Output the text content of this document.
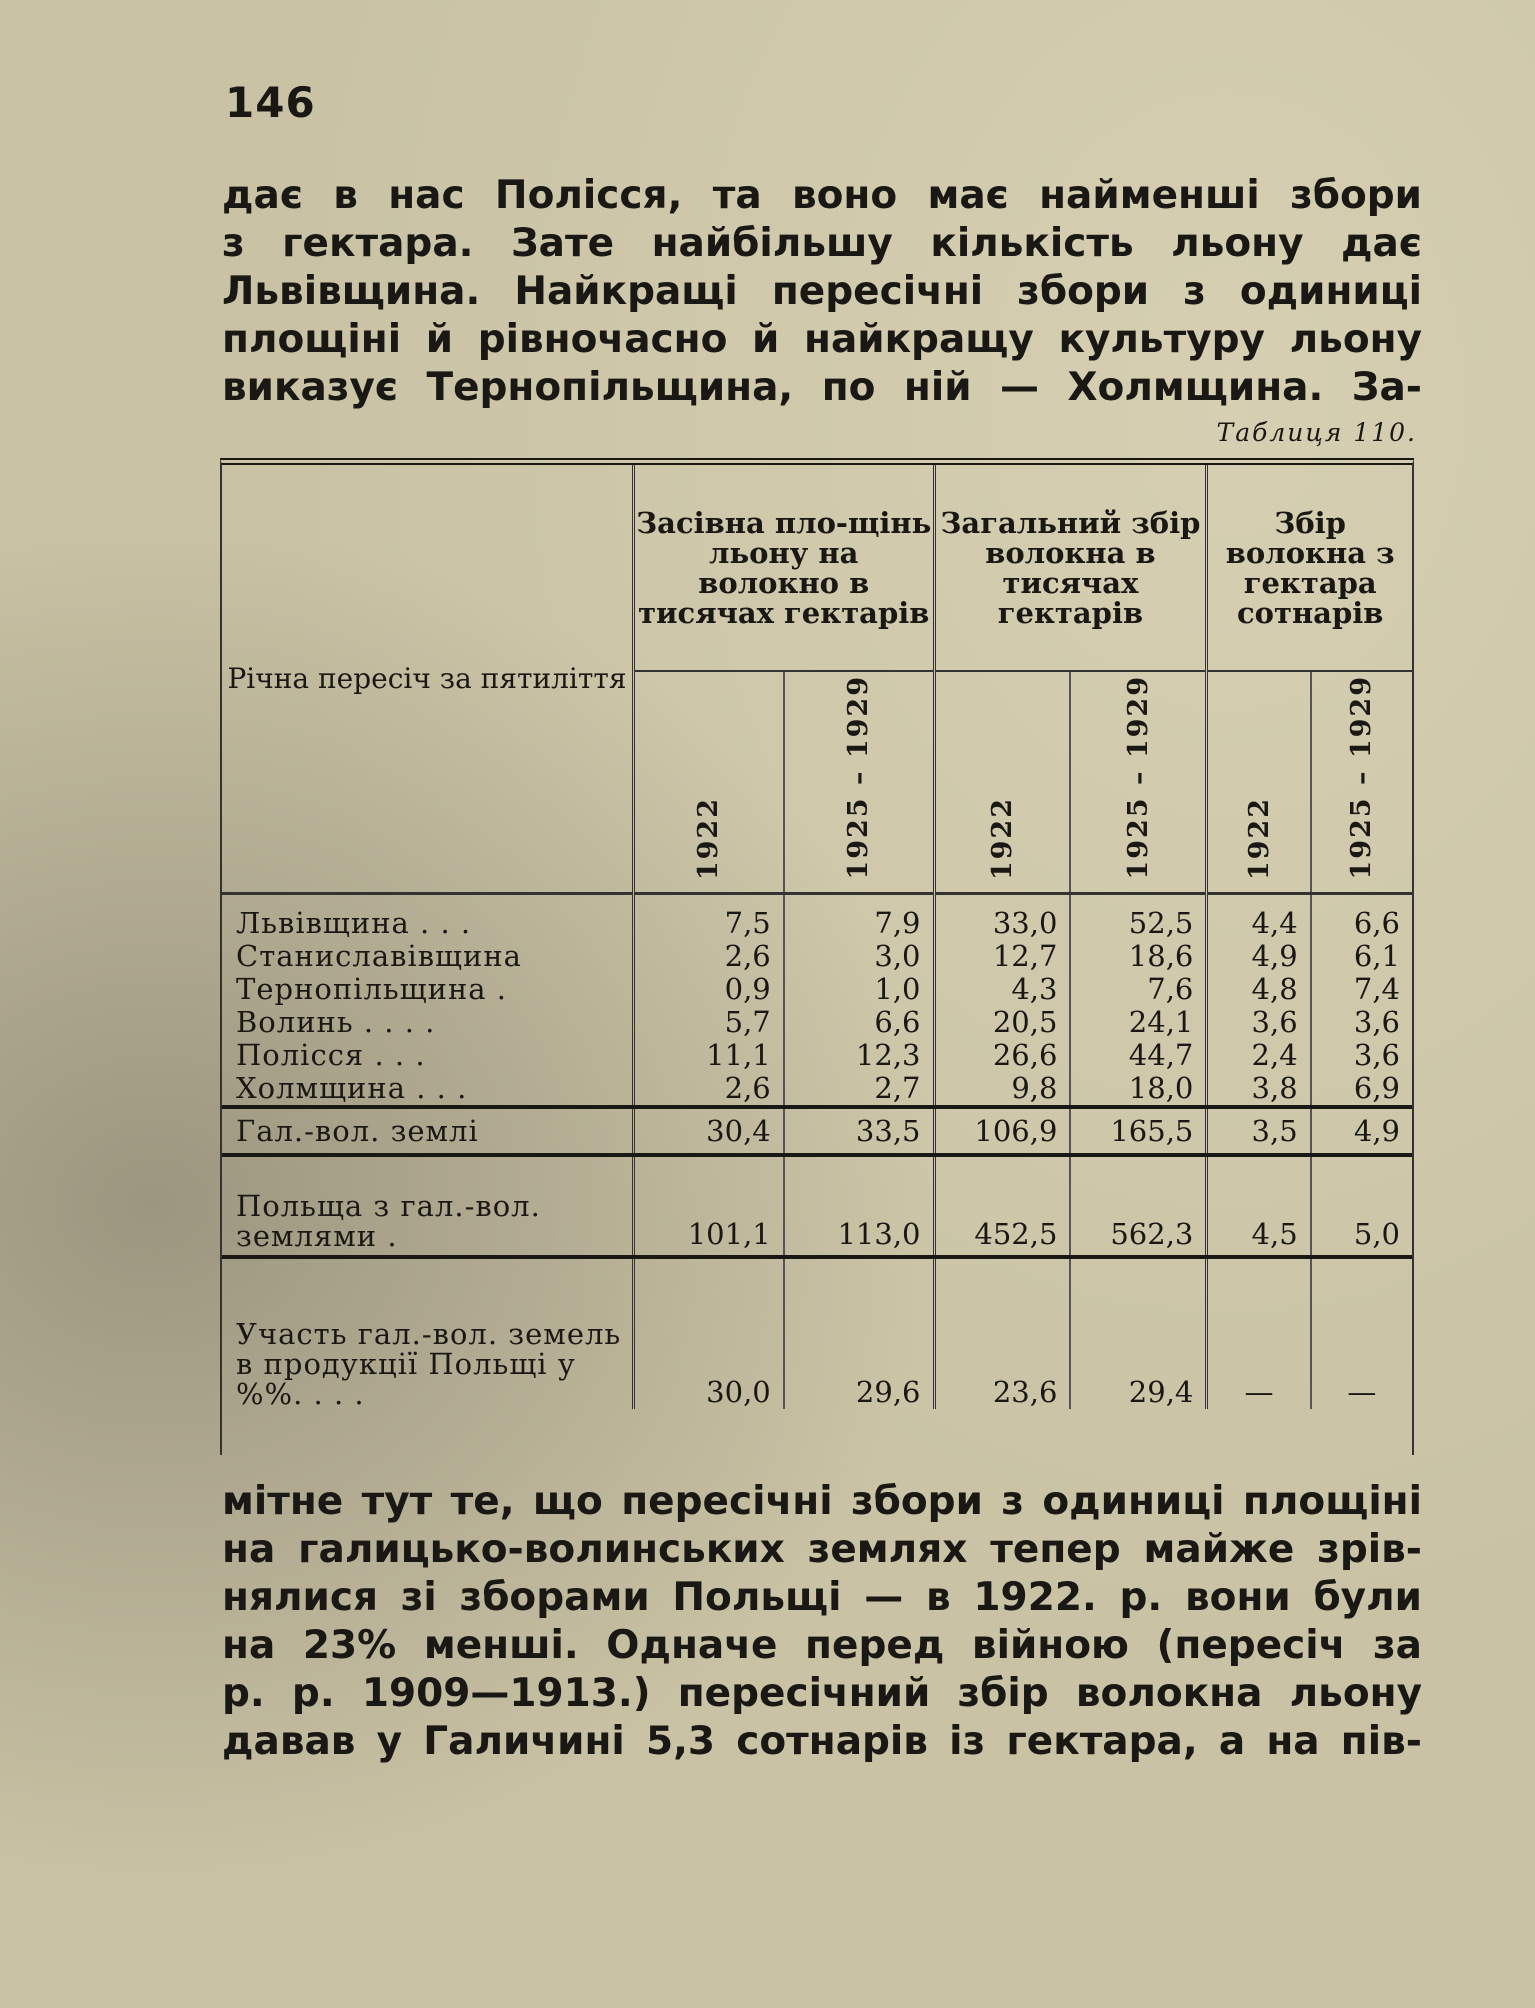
146

дає в нас Полісся, та воно має найменші збори
з гектара. Зате найбільшу кількість льону дає
Львівщина. Найкращі пересічні збори з одиниці
площіні й рівночасно й найкращу культуру льону
виказує Тернопільщина, по ній — Холмщина. За-

Таблиця 110.
Річна пересіч за пятиліття	Засівна пло-щінь льону на волокно в тисячах гектарів		Загальний збір волокна в тисячах гектарів		Збір волокна з гектара сотнарів	

	1922	1925 – 1929	1922	1925 – 1929	1922	1925 – 1929

Львівщина . . .	7,5	7,9	33,0	52,5	4,4	6,6
Станиславівщина	2,6	3,0	12,7	18,6	4,9	6,1
Тернопільщина .	0,9	1,0	4,3	7,6	4,8	7,4
Волинь . . . .	5,7	6,6	20,5	24,1	3,6	3,6
Полісся . . .	11,1	12,3	26,6	44,7	2,4	3,6
Холмщина . . .	2,6	2,7	9,8	18,0	3,8	6,9
Гал.-вол. землі	30,4	33,5	106,9	165,5	3,5	4,9
Польща з гал.-вол. землями .	101,1	113,0	452,5	562,3	4,5	5,0
Участь гал.-вол. земель в продукції Польщі у %%. . . .	30,0	29,6	23,6	29,4	—	—

мітне тут те, що пересічні збори з одиниці площіні
на галицько-волинських землях тепер майже зрів-
нялися зі зборами Польщі — в 1922. р. вони були
на 23% менші. Одначе перед війною (пересіч за
р. р. 1909—1913.) пересічний збір волокна льону
давав у Галичині 5,3 сотнарів із гектара, а на пів-
